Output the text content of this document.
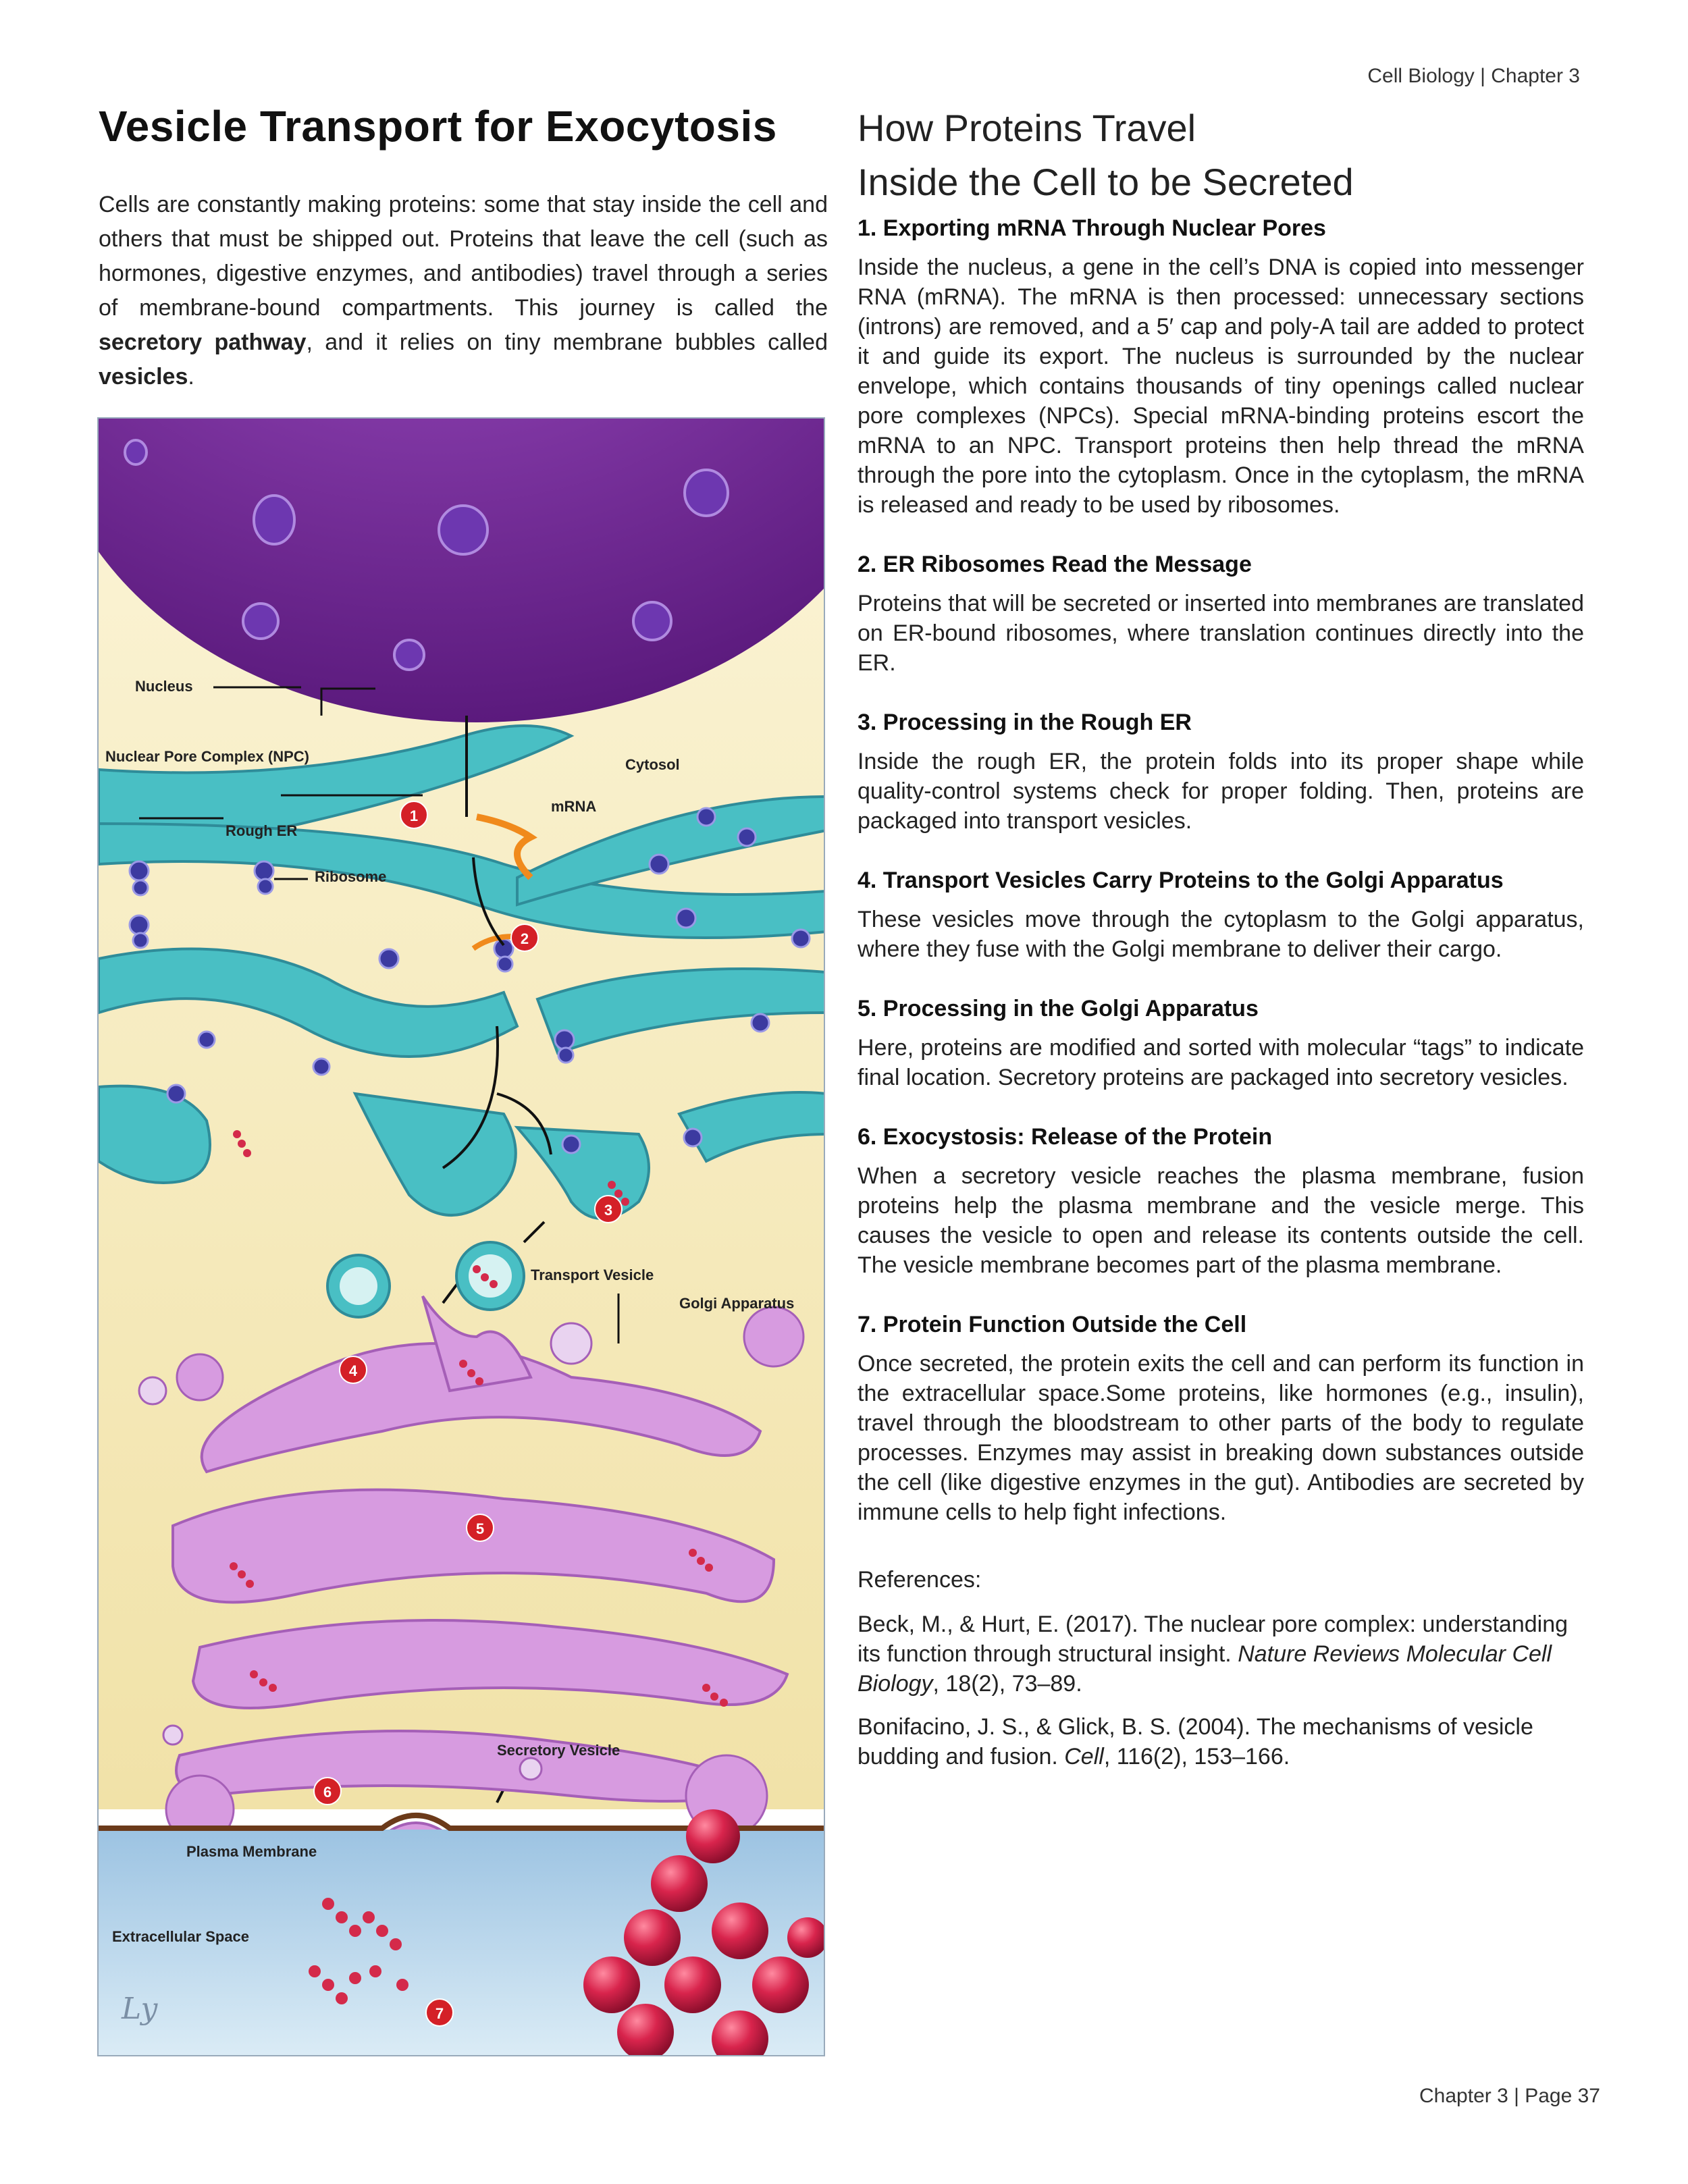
Cell Biology | Chapter 3
Vesicle Transport for Exocytosis
Cells are constantly making proteins: some that stay inside the cell and others that must be shipped out. Proteins that leave the cell (such as hormones, digestive enzymes, and antibodies) travel through a series of membrane-bound compartments. This journey is called the secretory pathway, and it relies on tiny membrane bubbles called vesicles.
Nucleus
Nuclear Pore Complex (NPC)	Cytosol
mRNA
Rough ER
Ribosome
Transport Vesicle
Golgi Apparatus
Secretory Vesicle
Plasma Membrane
Extracellular Space
1
2
3
4
5
6
7
Ly
How Proteins Travel
Inside the Cell to be Secreted
1. Exporting mRNA Through Nuclear Pores

Inside the nucleus, a gene in the cell’s DNA is copied into messenger RNA (mRNA). The mRNA is then processed: unnecessary sections (introns) are removed, and a 5′ cap and poly-A tail are added to protect it and guide its export. The nucleus is surrounded by the nuclear envelope, which contains thousands of tiny openings called nuclear pore complexes (NPCs). Special mRNA-binding proteins escort the mRNA to an NPC. Transport proteins then help thread the mRNA through the pore into the cytoplasm. Once in the cytoplasm, the mRNA is released and ready to be used by ribosomes.

2. ER Ribosomes Read the Message

Proteins that will be secreted or inserted into membranes are translated on ER-bound ribosomes, where translation continues directly into the ER.

3. Processing in the Rough ER

Inside the rough ER, the protein folds into its proper shape while quality-control systems check for proper folding. Then, proteins are packaged into transport vesicles.

4. Transport Vesicles Carry Proteins to the Golgi Apparatus

These vesicles move through the cytoplasm to the Golgi apparatus, where they fuse with the Golgi membrane to deliver their cargo.

5. Processing in the Golgi Apparatus

Here, proteins are modified and sorted with molecular “tags” to indicate final location. Secretory proteins are packaged into secretory vesicles.

6. Exocystosis: Release of the Protein

When a secretory vesicle reaches the plasma membrane, fusion proteins help the plasma membrane and the vesicle merge. This causes the vesicle to open and release its contents outside the cell. The vesicle membrane becomes part of the plasma membrane.

7. Protein Function Outside the Cell

Once secreted, the protein exits the cell and can perform its function in the extracellular space.Some proteins, like hormones (e.g., insulin), travel through the bloodstream to other parts of the body to regulate processes. Enzymes may assist in breaking down substances outside the cell (like digestive enzymes in the gut). Antibodies are secreted by immune cells to help fight infections.

References:
Beck, M., & Hurt, E. (2017). The nuclear pore complex: understanding its function through structural insight. Nature Reviews Molecular Cell Biology, 18(2), 73–89.
Bonifacino, J. S., & Glick, B. S. (2004). The mechanisms of vesicle budding and fusion. Cell, 116(2), 153–166.
Chapter 3 | Page 37
